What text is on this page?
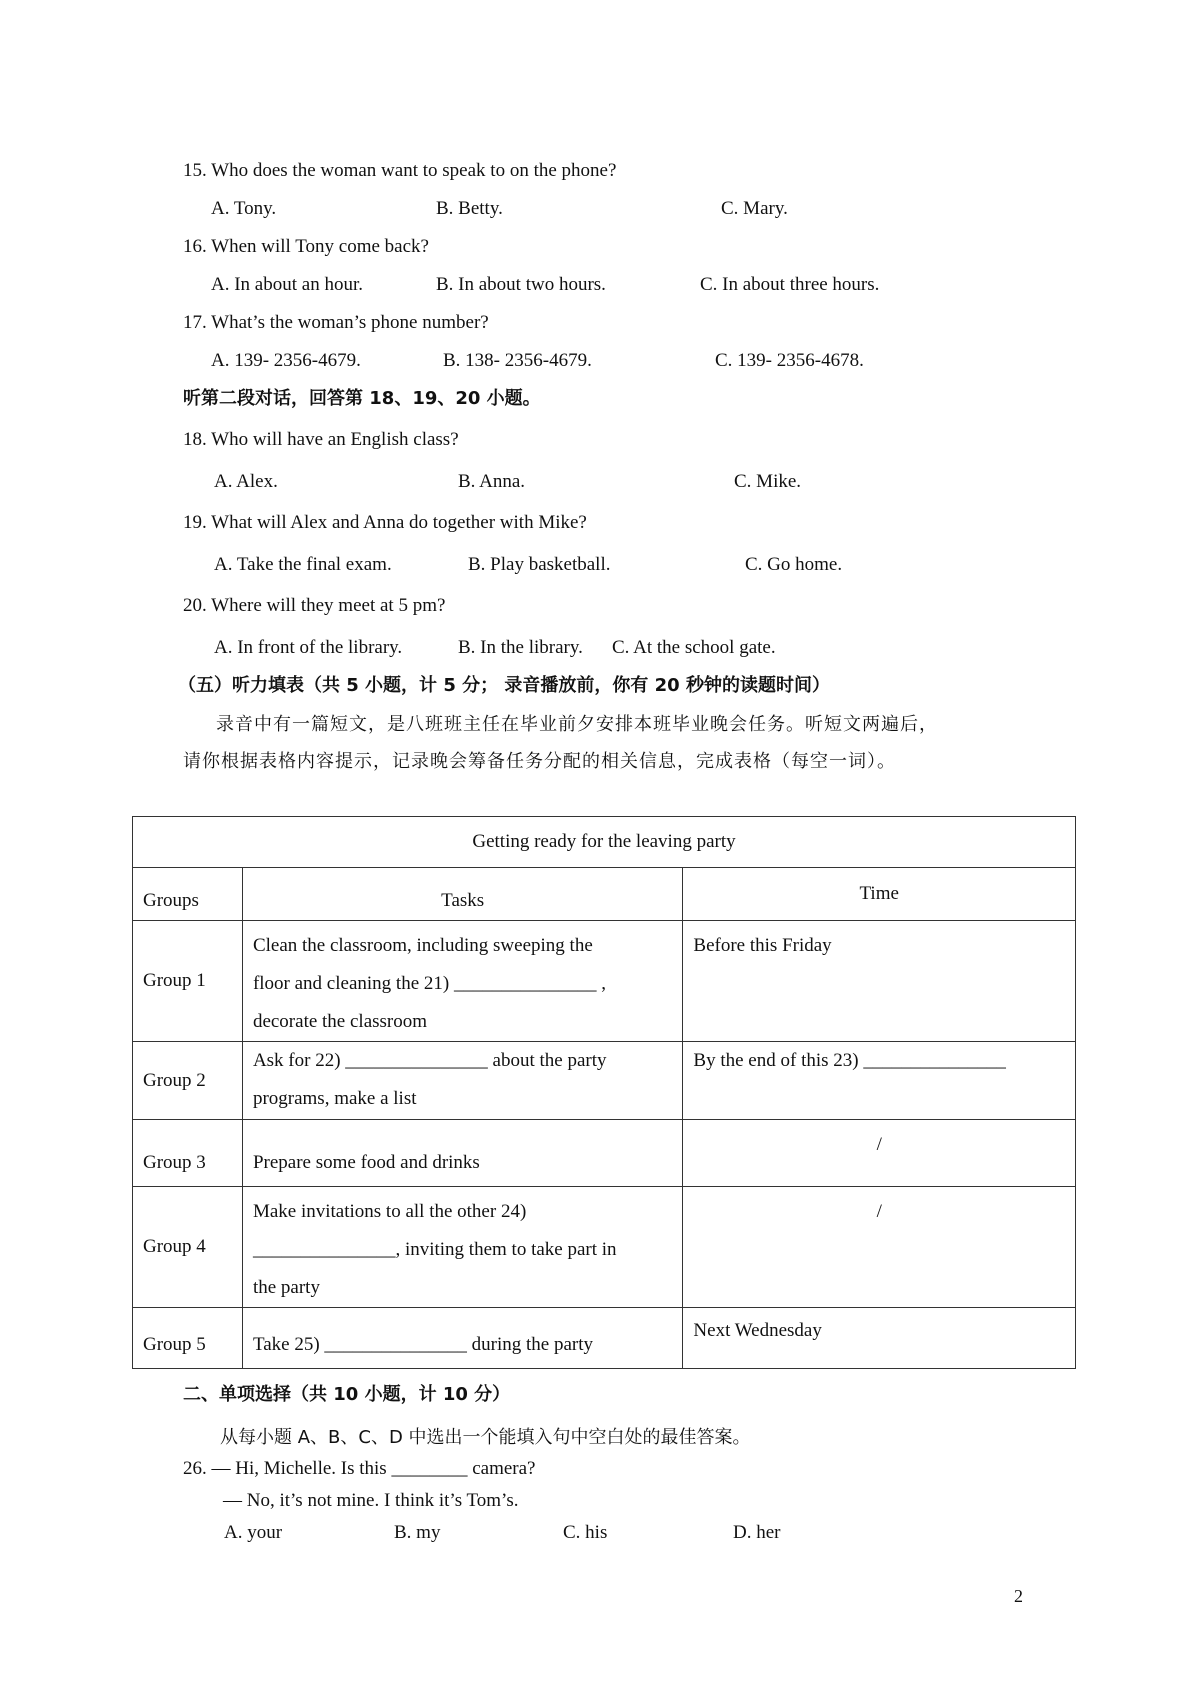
15. Who does the woman want to speak to on the phone?
A. Tony.	B. Betty.	C. Mary.
16. When will Tony come back?
A. In about an hour.	B. In about two hours.	C. In about three hours.
17. What’s the woman’s phone number?
A. 139- 2356-4679.	B. 138- 2356-4679.	C. 139- 2356-4678.
听第二段对话，回答第 18、19、20 小题。
18. Who will have an English class?
A. Alex.	B. Anna.	C. Mike.
19. What will Alex and Anna do together with Mike?
A. Take the final exam.	B. Play basketball.	C. Go home.
20. Where will they meet at 5 pm?
A. In front of the library.	B. In the library. C. At the school gate.
（五）听力填表（共 5 小题，计 5 分； 录音播放前，你有 20 秒钟的读题时间）
录音中有一篇短文，是八班班主任在毕业前夕安排本班毕业晚会任务。听短文两遍后，
请你根据表格内容提示，记录晚会筹备任务分配的相关信息，完成表格（每空一词）。
Getting ready for the leaving party		
Groups	Tasks	Time
Group 1	Clean the classroom, including sweeping the
floor and cleaning the 21) _______________ ,
decorate the classroom	Before this Friday
Group 2	Ask for 22) _______________ about the party
programs, make a list	By the end of this 23) _______________
Group 3	Prepare some food and drinks	/
Group 4	Make invitations to all the other 24)
_______________, inviting them to take part in
the party	/
Group 5	Take 25) _______________ during the party	Next Wednesday
二、单项选择（共 10 小题，计 10 分）
从每小题 A、B、C、D 中选出一个能填入句中空白处的最佳答案。
26. — Hi, Michelle. Is this ________ camera?
— No, it’s not mine. I think it’s Tom’s.
A. your	B. my	C. his	D. her
2
